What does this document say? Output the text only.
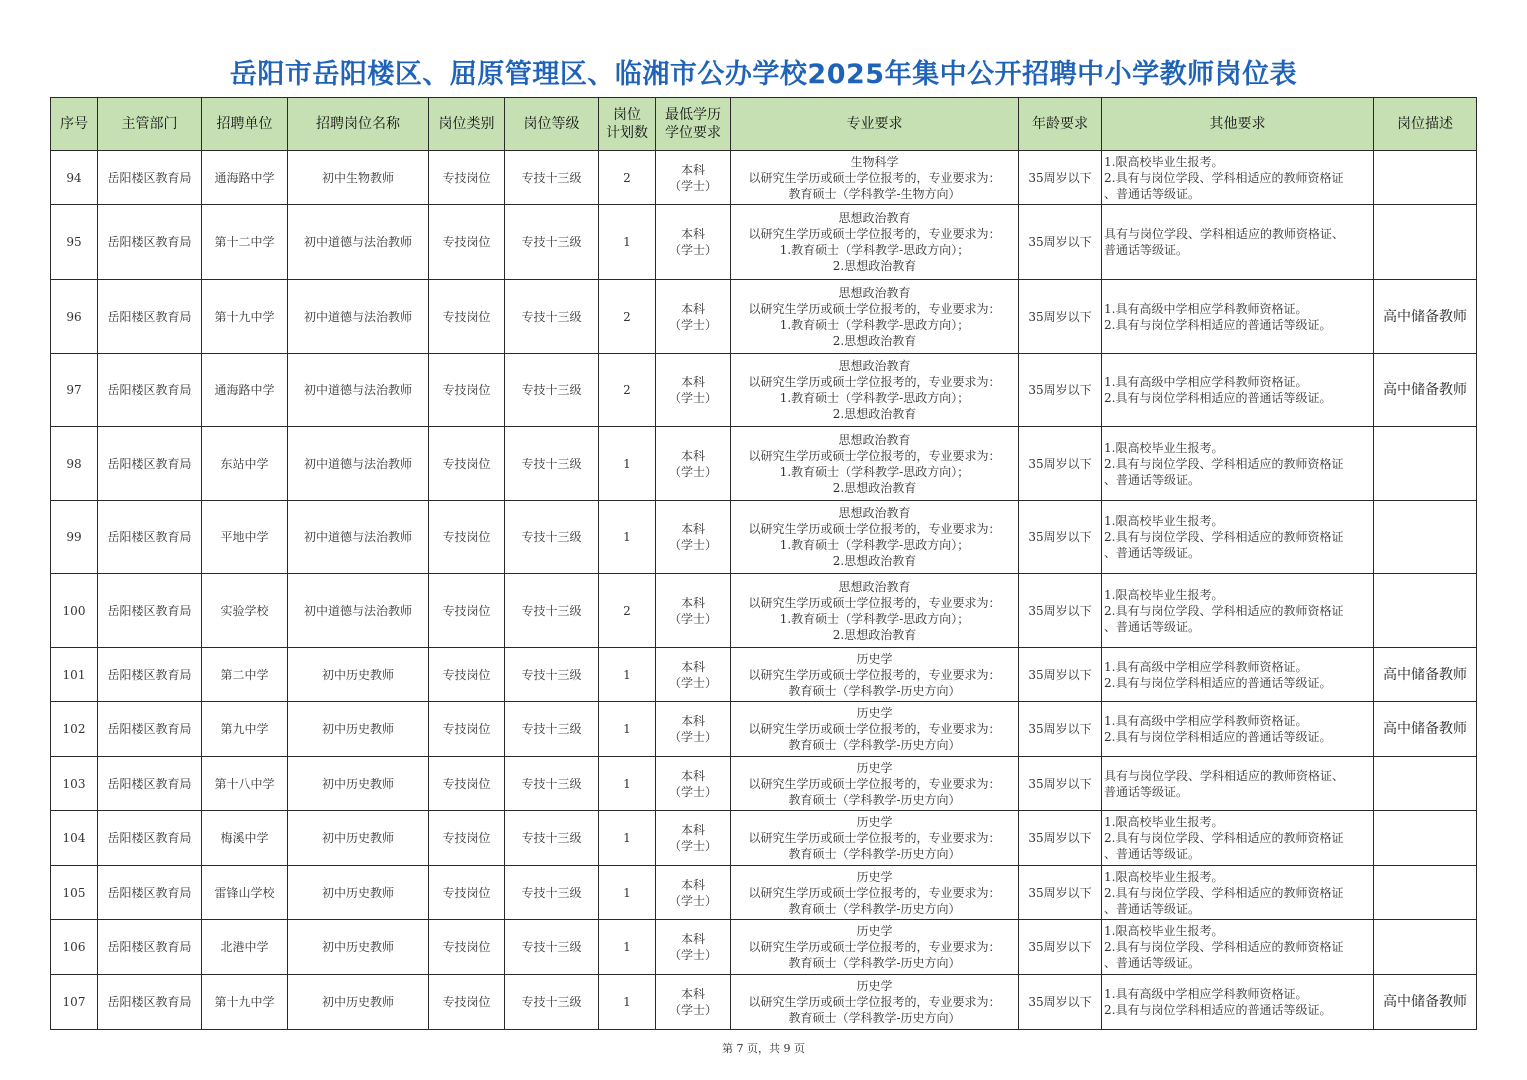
岳阳市岳阳楼区、屈原管理区、临湘市公办学校2025年集中公开招聘中小学教师岗位表
序号	主管部门	招聘单位	招聘岗位名称	岗位类别	岗位等级	岗位
计划数	最低学历
学位要求	专业要求	年龄要求	其他要求	岗位描述
94	岳阳楼区教育局	通海路中学	初中生物教师	专技岗位	专技十三级	2	本科
（学士）	生物科学
以研究生学历或硕士学位报考的，专业要求为：
教育硕士（学科教学-生物方向）	35周岁以下	1.限高校毕业生报考。
2.具有与岗位学段、学科相适应的教师资格证
、普通话等级证。	
95	岳阳楼区教育局	第十二中学	初中道德与法治教师	专技岗位	专技十三级	1	本科
（学士）	思想政治教育
以研究生学历或硕士学位报考的，专业要求为：
1.教育硕士（学科教学-思政方向）；
2.思想政治教育	35周岁以下	具有与岗位学段、学科相适应的教师资格证、
普通话等级证。	
96	岳阳楼区教育局	第十九中学	初中道德与法治教师	专技岗位	专技十三级	2	本科
（学士）	思想政治教育
以研究生学历或硕士学位报考的，专业要求为：
1.教育硕士（学科教学-思政方向）；
2.思想政治教育	35周岁以下	1.具有高级中学相应学科教师资格证。
2.具有与岗位学科相适应的普通话等级证。	高中储备教师
97	岳阳楼区教育局	通海路中学	初中道德与法治教师	专技岗位	专技十三级	2	本科
（学士）	思想政治教育
以研究生学历或硕士学位报考的，专业要求为：
1.教育硕士（学科教学-思政方向）；
2.思想政治教育	35周岁以下	1.具有高级中学相应学科教师资格证。
2.具有与岗位学科相适应的普通话等级证。	高中储备教师
98	岳阳楼区教育局	东站中学	初中道德与法治教师	专技岗位	专技十三级	1	本科
（学士）	思想政治教育
以研究生学历或硕士学位报考的，专业要求为：
1.教育硕士（学科教学-思政方向）；
2.思想政治教育	35周岁以下	1.限高校毕业生报考。
2.具有与岗位学段、学科相适应的教师资格证
、普通话等级证。	
99	岳阳楼区教育局	平地中学	初中道德与法治教师	专技岗位	专技十三级	1	本科
（学士）	思想政治教育
以研究生学历或硕士学位报考的，专业要求为：
1.教育硕士（学科教学-思政方向）；
2.思想政治教育	35周岁以下	1.限高校毕业生报考。
2.具有与岗位学段、学科相适应的教师资格证
、普通话等级证。	
100	岳阳楼区教育局	实验学校	初中道德与法治教师	专技岗位	专技十三级	2	本科
（学士）	思想政治教育
以研究生学历或硕士学位报考的，专业要求为：
1.教育硕士（学科教学-思政方向）；
2.思想政治教育	35周岁以下	1.限高校毕业生报考。
2.具有与岗位学段、学科相适应的教师资格证
、普通话等级证。	
101	岳阳楼区教育局	第二中学	初中历史教师	专技岗位	专技十三级	1	本科
（学士）	历史学
以研究生学历或硕士学位报考的，专业要求为：
教育硕士（学科教学-历史方向）	35周岁以下	1.具有高级中学相应学科教师资格证。
2.具有与岗位学科相适应的普通话等级证。	高中储备教师
102	岳阳楼区教育局	第九中学	初中历史教师	专技岗位	专技十三级	1	本科
（学士）	历史学
以研究生学历或硕士学位报考的，专业要求为：
教育硕士（学科教学-历史方向）	35周岁以下	1.具有高级中学相应学科教师资格证。
2.具有与岗位学科相适应的普通话等级证。	高中储备教师
103	岳阳楼区教育局	第十八中学	初中历史教师	专技岗位	专技十三级	1	本科
（学士）	历史学
以研究生学历或硕士学位报考的，专业要求为：
教育硕士（学科教学-历史方向）	35周岁以下	具有与岗位学段、学科相适应的教师资格证、
普通话等级证。	
104	岳阳楼区教育局	梅溪中学	初中历史教师	专技岗位	专技十三级	1	本科
（学士）	历史学
以研究生学历或硕士学位报考的，专业要求为：
教育硕士（学科教学-历史方向）	35周岁以下	1.限高校毕业生报考。
2.具有与岗位学段、学科相适应的教师资格证
、普通话等级证。	
105	岳阳楼区教育局	雷锋山学校	初中历史教师	专技岗位	专技十三级	1	本科
（学士）	历史学
以研究生学历或硕士学位报考的，专业要求为：
教育硕士（学科教学-历史方向）	35周岁以下	1.限高校毕业生报考。
2.具有与岗位学段、学科相适应的教师资格证
、普通话等级证。	
106	岳阳楼区教育局	北港中学	初中历史教师	专技岗位	专技十三级	1	本科
（学士）	历史学
以研究生学历或硕士学位报考的，专业要求为：
教育硕士（学科教学-历史方向）	35周岁以下	1.限高校毕业生报考。
2.具有与岗位学段、学科相适应的教师资格证
、普通话等级证。	
107	岳阳楼区教育局	第十九中学	初中历史教师	专技岗位	专技十三级	1	本科
（学士）	历史学
以研究生学历或硕士学位报考的，专业要求为：
教育硕士（学科教学-历史方向）	35周岁以下	1.具有高级中学相应学科教师资格证。
2.具有与岗位学科相适应的普通话等级证。	高中储备教师
第 7 页，共 9 页
